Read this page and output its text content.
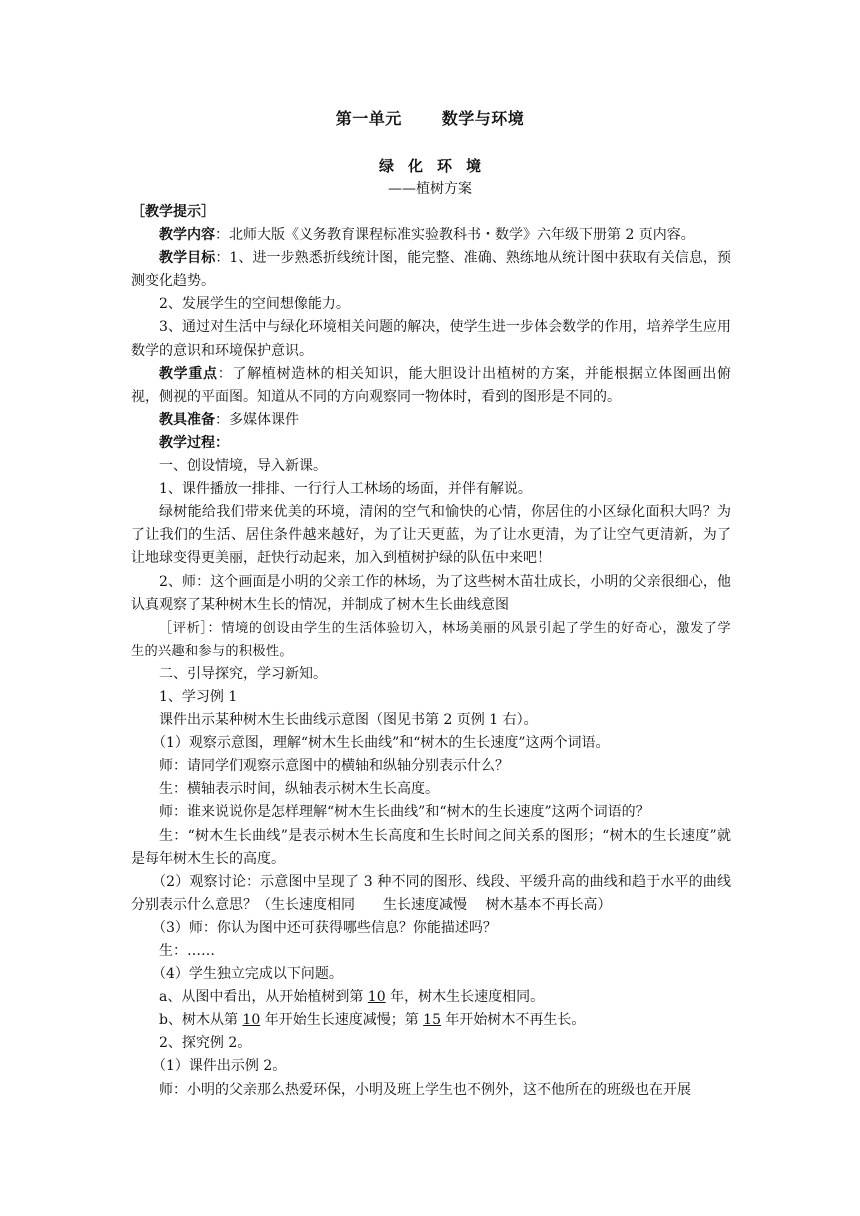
第一单元	数学与环境
绿化环境
——植树方案

［教学提示］

教学内容：北师大版《义务教育课程标准实验教科书・数学》六年级下册第 2 页内容。

教学目标：1、进一步熟悉折线统计图，能完整、准确、熟练地从统计图中获取有关信息，预测变化趋势。

2、发展学生的空间想像能力。

3、通过对生活中与绿化环境相关问题的解决，使学生进一步体会数学的作用，培养学生应用数学的意识和环境保护意识。

教学重点：了解植树造林的相关知识，能大胆设计出植树的方案，并能根据立体图画出俯视，侧视的平面图。知道从不同的方向观察同一物体时，看到的图形是不同的。

教具准备：多媒体课件

教学过程：

一、创设情境，导入新课。

1、课件播放一排排、一行行人工林场的场面，并伴有解说。

绿树能给我们带来优美的环境，清闲的空气和愉快的心情，你居住的小区绿化面积大吗？为了让我们的生活、居住条件越来越好，为了让天更蓝，为了让水更清，为了让空气更清新，为了让地球变得更美丽，赶快行动起来，加入到植树护绿的队伍中来吧！

2、师：这个画面是小明的父亲工作的林场，为了这些树木苗壮成长，小明的父亲很细心，他认真观察了某种树木生长的情况，并制成了树木生长曲线意图

［评析］：情境的创设由学生的生活体验切入，林场美丽的风景引起了学生的好奇心，激发了学生的兴趣和参与的积极性。

二、引导探究，学习新知。

1、学习例 1

课件出示某种树木生长曲线示意图（图见书第 2 页例 1 右）。

（1）观察示意图，理解“树木生长曲线”和“树木的生长速度”这两个词语。

师：请同学们观察示意图中的横轴和纵轴分别表示什么？

生：横轴表示时间，纵轴表示树木生长高度。

师：谁来说说你是怎样理解“树木生长曲线”和“树木的生长速度”这两个词语的？

生：“树木生长曲线”是表示树木生长高度和生长时间之间关系的图形；“树木的生长速度”就是每年树木生长的高度。

（2）观察讨论：示意图中呈现了 3 种不同的图形、线段、平缓升高的曲线和趋于水平的曲线分别表示什么意思？（生长速度相同　　生长速度减慢　 树木基本不再长高）

（3）师：你认为图中还可获得哪些信息？你能描述吗？

生：……

（4）学生独立完成以下问题。

a、从图中看出，从开始植树到第 10 年，树木生长速度相同。

b、树木从第 10 年开始生长速度减慢；第 15 年开始树木不再生长。

2、探究例 2。

（1）课件出示例 2。

师：小明的父亲那么热爱环保，小明及班上学生也不例外，这不他所在的班级也在开展
